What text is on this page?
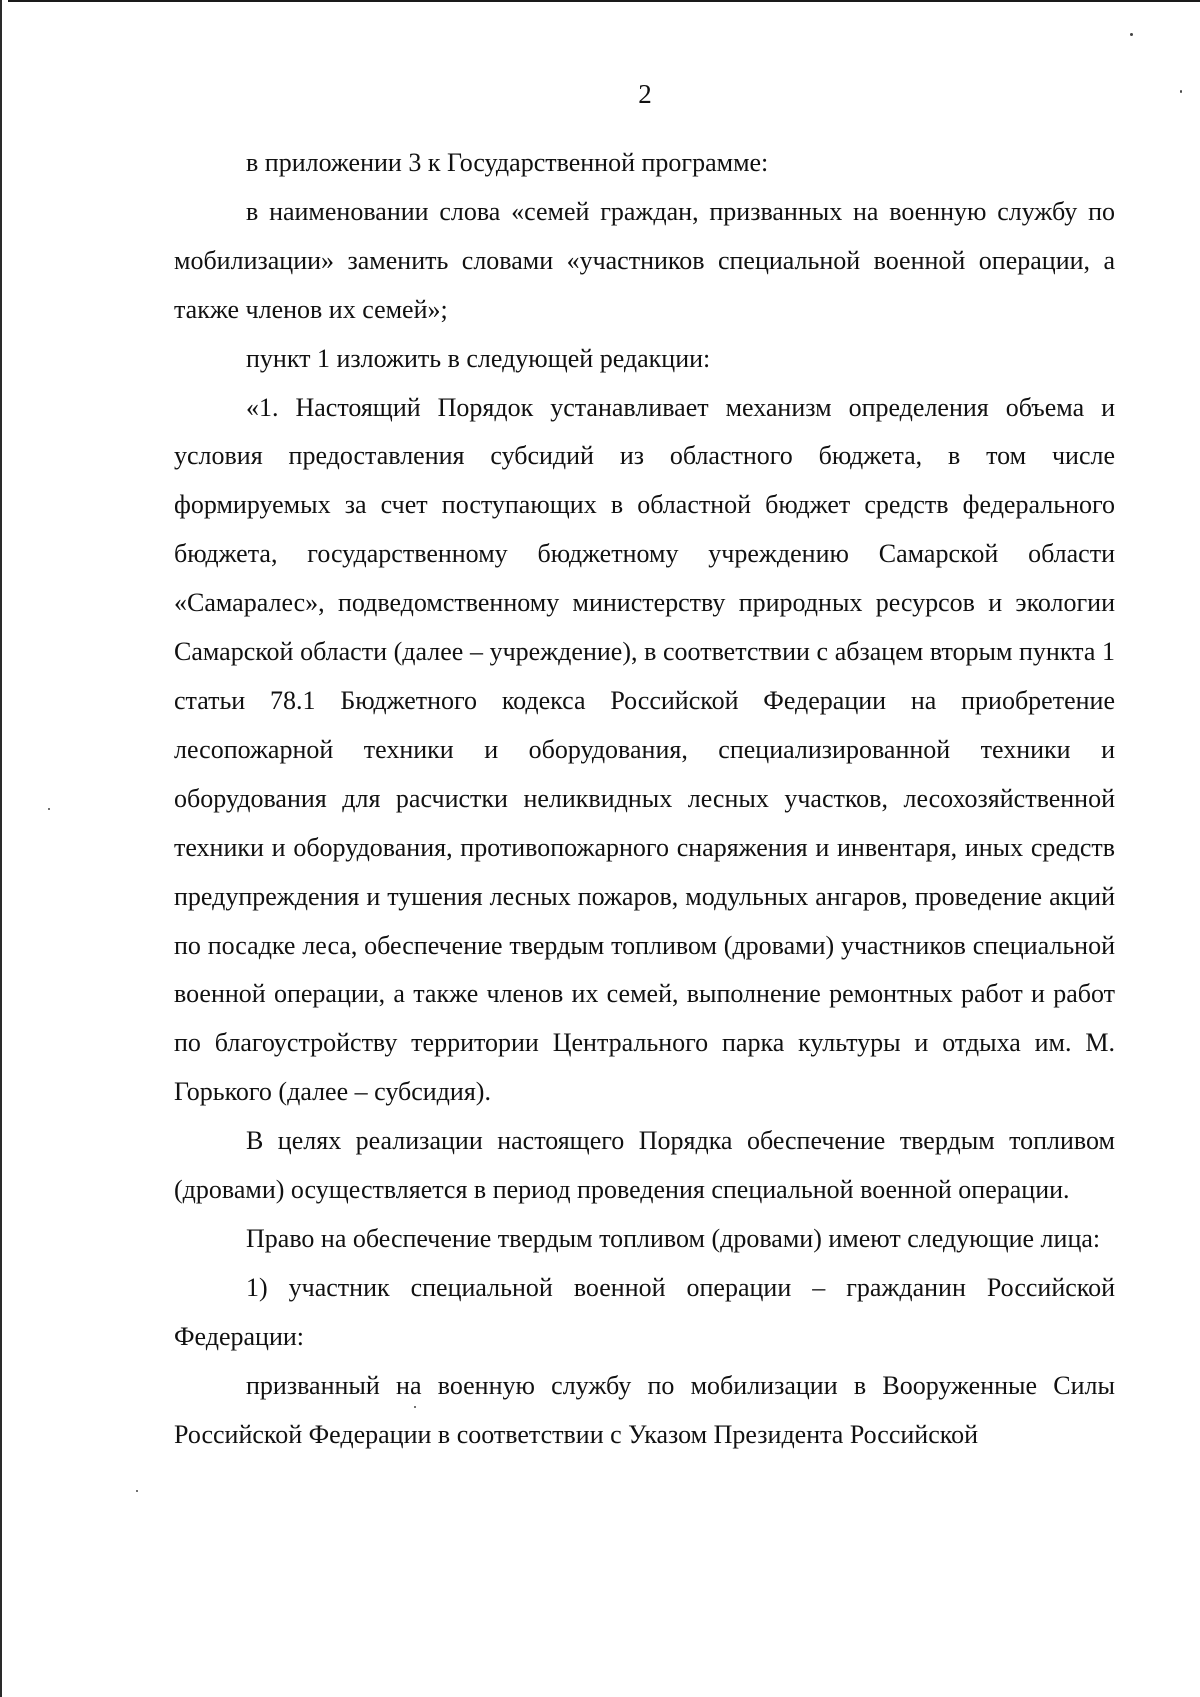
2

в приложении 3 к Государственной программе:

в наименовании слова «семей граждан, призванных на военную службу по мобилизации» заменить словами «участников специальной военной операции, а также членов их семей»;

пункт 1 изложить в следующей редакции:

«1. Настоящий Порядок устанавливает механизм определения объема и условия предоставления субсидий из областного бюджета, в том числе формируемых за счет поступающих в областной бюджет средств федерального бюджета, государственному бюджетному учреждению Самарской области «Самаралес», подведомственному министерству природных ресурсов и экологии Самарской области (далее – учреждение), в соответствии с абзацем вторым пункта 1 статьи 78.1 Бюджетного кодекса Российской Федерации на приобретение лесопожарной техники и оборудования, специализированной техники и оборудования для расчистки неликвидных лесных участков, лесохозяйственной техники и оборудования, противопожарного снаряжения и инвентаря, иных средств предупреждения и тушения лесных пожаров, модульных ангаров, проведение акций по посадке леса, обеспечение твердым топливом (дровами) участников специальной военной операции, а также членов их семей, выполнение ремонтных работ и работ по благоустройству территории Центрального парка культуры и отдыха им. М. Горького (далее – субсидия).

В целях реализации настоящего Порядка обеспечение твердым топливом (дровами) осуществляется в период проведения специальной военной операции.

Право на обеспечение твердым топливом (дровами) имеют следующие лица:

1) участник специальной военной операции – гражданин Российской Федерации:

призванный на военную службу по мобилизации в Вооруженные Силы Российской Федерации в соответствии с Указом Президента Российской
